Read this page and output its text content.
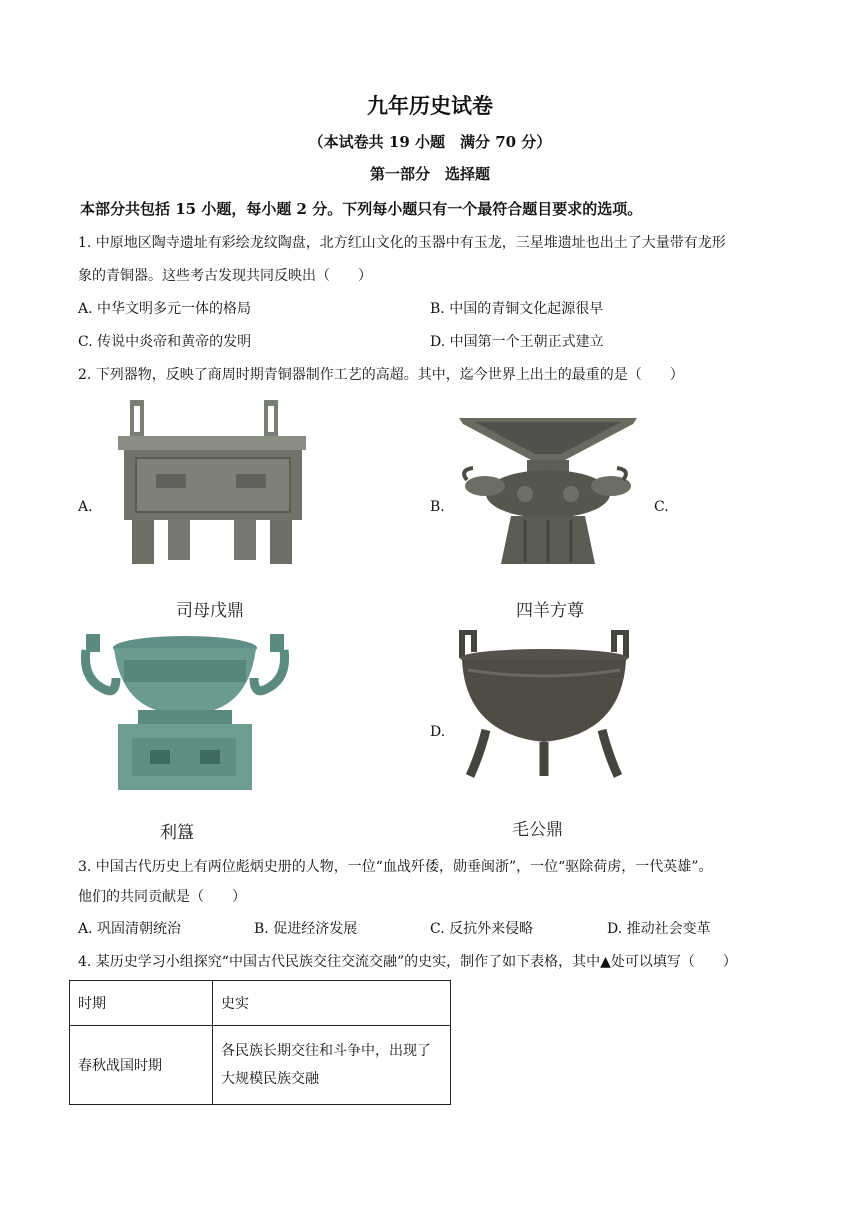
九年历史试卷
（本试卷共 19 小题　满分 70 分）
第一部分　选择题
本部分共包括 15 小题，每小题 2 分。下列每小题只有一个最符合题目要求的选项。
1. 中原地区陶寺遗址有彩绘龙纹陶盘，北方红山文化的玉器中有玉龙，三星堆遗址也出土了大量带有龙形
象的青铜器。这些考古发现共同反映出（　　）
A. 中华文明多元一体的格局	B. 中国的青铜文化起源很早
C. 传说中炎帝和黄帝的发明	D. 中国第一个王朝正式建立
2. 下列器物，反映了商周时期青铜器制作工艺的高超。其中，迄今世界上出土的最重的是（　　）
A.	B.	C.
D.
司母戊鼎	四羊方尊
利簋	毛公鼎
3. 中国古代历史上有两位彪炳史册的人物，一位“血战歼倭，勋垂闽浙”，一位“驱除荷虏，一代英雄”。
他们的共同贡献是（　　）
A. 巩固清朝统治	B. 促进经济发展	C. 反抗外来侵略	D. 推动社会变革
4. 某历史学习小组探究“中国古代民族交往交流交融”的史实，制作了如下表格，其中▲处可以填写（　　）
时期	史实
春秋战国时期	各民族长期交往和斗争中，出现了
大规模民族交融
